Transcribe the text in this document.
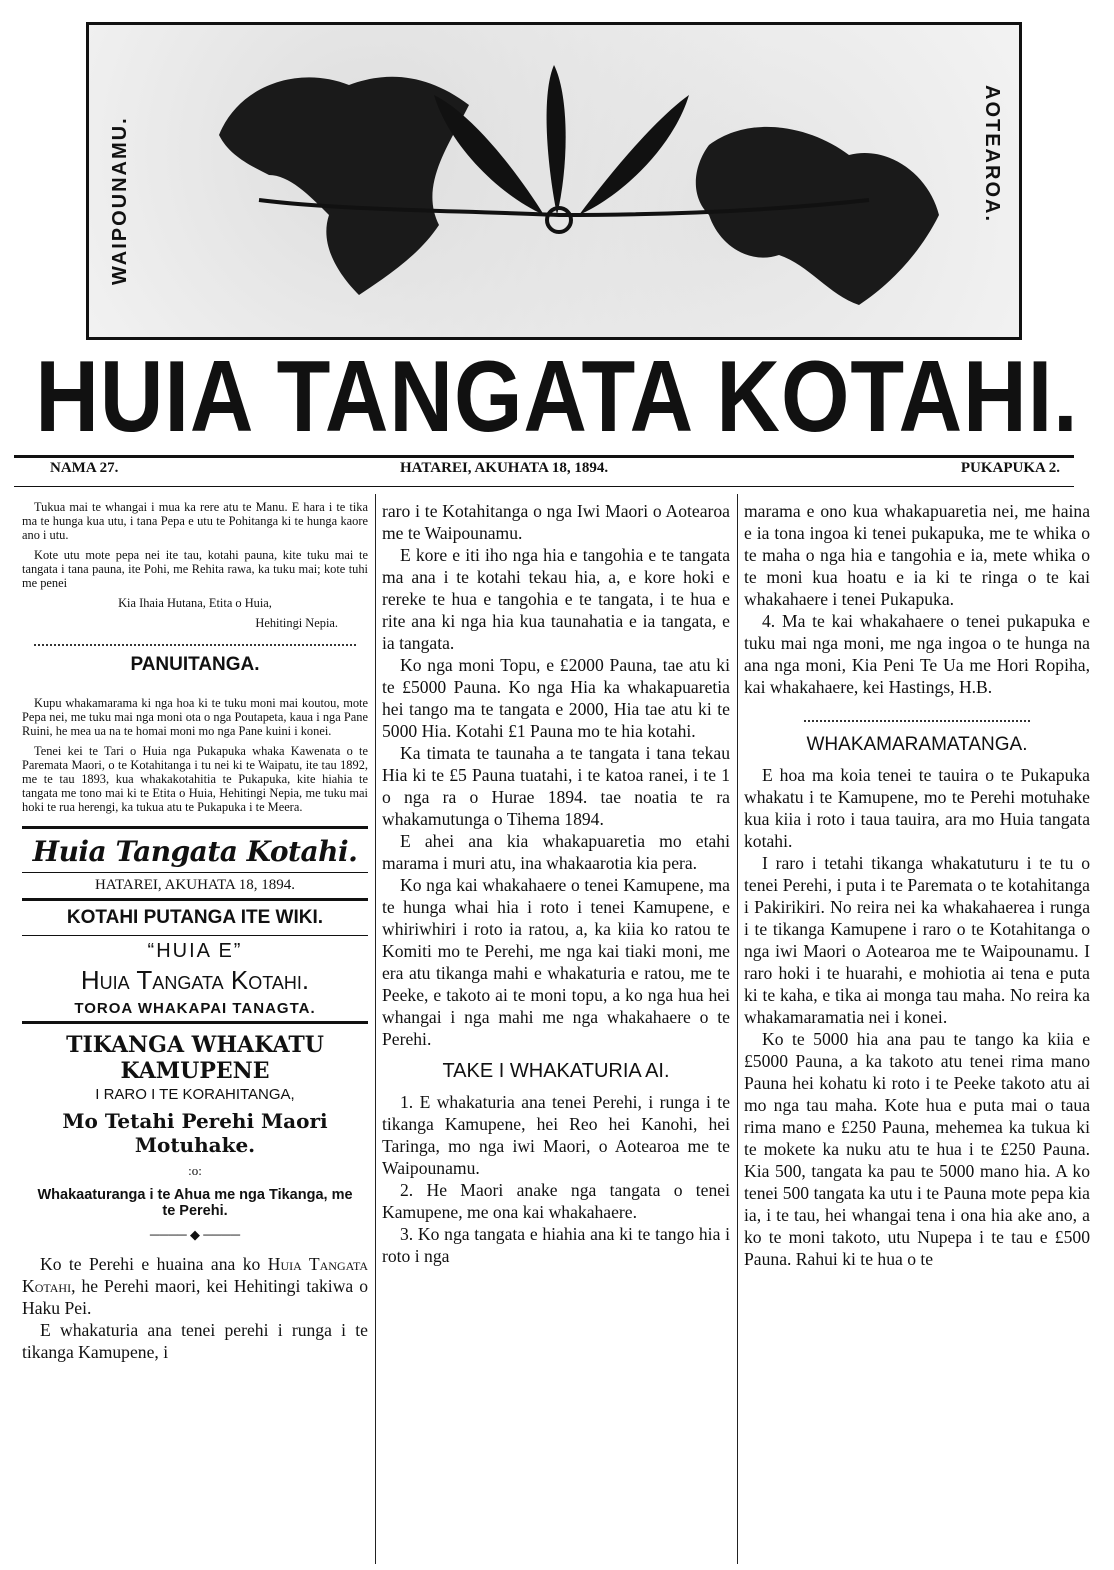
WAIPOUNAMU.	AOTEAROA.
HUIA TANGATA KOTAHI.
NAMA 27.	HATAREI, AKUHATA 18, 1894.	PUKAPUKA 2.

Tukua mai te whangai i mua ka rere atu te Manu. E hara i te tika ma te hunga kua utu, i tana Pepa e utu te Pohitanga ki te hunga kaore ano i utu.

Kote utu mote pepa nei ite tau, kotahi pauna, kite tuku mai te tangata i tana pauna, ite Pohi, me Rehita rawa, ka tuku mai; kote tuhi me penei

Kia Ihaia Hutana, Etita o Huia,

Hehitingi Nepia.

PANUITANGA.

Kupu whakamarama ki nga hoa ki te tuku moni mai koutou, mote Pepa nei, me tuku mai nga moni ota o nga Poutapeta, kaua i nga Pane Ruini, he mea ua na te homai moni mo nga Pane kuini i konei.

Tenei kei te Tari o Huia nga Pukapuka whaka Kawenata o te Paremata Maori, o te Kotahitanga i tu nei ki te Waipatu, ite tau 1892, me te tau 1893, kua whakakotahitia te Pukapuka, kite hiahia te tangata me tono mai ki te Etita o Huia, Hehitingi Nepia, me tuku mai hoki te rua herengi, ka tukua atu te Pukapuka i te Meera.

Huia Tangata Kotahi.
HATAREI, AKUHATA 18, 1894.
KOTAHI PUTANGA ITE WIKI.
“HUIA E”
Huia Tangata Kotahi.
TOROA WHAKAPAI TANAGTA.
TIKANGA WHAKATU KAMUPENE
I RARO I TE KORAHITANGA,
Mo Tetahi Perehi Maori Motuhake.
:o:
Whakaaturanga i te Ahua me nga Tikanga, me te Perehi.
──── ◆ ────

Ko te Perehi e huaina ana ko Huia Tangata Kotahi, he Perehi maori, kei Hehitingi takiwa o Haku Pei.

E whakaturia ana tenei perehi i runga i te tikanga Kamupene, i

raro i te Kotahitanga o nga Iwi Maori o Aotearoa me te Waipounamu.

E kore e iti iho nga hia e tangohia e te tangata ma ana i te kotahi tekau hia, a, e kore hoki e rereke te hua e tangohia e te tangata, i te hua e rite ana ki nga hia kua taunahatia e ia tangata, e ia tangata.

Ko nga moni Topu, e £2000 Pauna, tae atu ki te £5000 Pauna. Ko nga Hia ka whakapuaretia hei tango ma te tangata e 2000, Hia tae atu ki te 5000 Hia. Kotahi £1 Pauna mo te hia kotahi.

Ka timata te taunaha a te tangata i tana tekau Hia ki te £5 Pauna tuatahi, i te katoa ranei, i te 1 o nga ra o Hurae 1894. tae noatia te ra whakamutunga o Tihema 1894.

E ahei ana kia whakapuaretia mo etahi marama i muri atu, ina whakaarotia kia pera.

Ko nga kai whakahaere o tenei Kamupene, ma te hunga whai hia i roto i tenei Kamupene, e whiriwhiri i roto ia ratou, a, ka kiia ko ratou te Komiti mo te Perehi, me nga kai tiaki moni, me era atu tikanga mahi e whakaturia e ratou, me te Peeke, e takoto ai te moni topu, a ko nga hua hei whangai i nga mahi me nga whakahaere o te Perehi.

TAKE I WHAKATURIA AI.

1. E whakaturia ana tenei Perehi, i runga i te tikanga Kamupene, hei Reo hei Kanohi, hei Taringa, mo nga iwi Maori, o Aotearoa me te Waipounamu.

2. He Maori anake nga tangata o tenei Kamupene, me ona kai whakahaere.

3. Ko nga tangata e hiahia ana ki te tango hia i roto i nga

marama e ono kua whakapuaretia nei, me haina e ia tona ingoa ki tenei pukapuka, me te whika o te maha o nga hia e tangohia e ia, mete whika o te moni kua hoatu e ia ki te ringa o te kai whakahaere i tenei Pukapuka.

4. Ma te kai whakahaere o tenei pukapuka e tuku mai nga moni, me nga ingoa o te hunga na ana nga moni, Kia Peni Te Ua me Hori Ropiha, kai whakahaere, kei Hastings, H.B.

WHAKAMARAMATANGA.

E hoa ma koia tenei te tauira o te Pukapuka whakatu i te Kamupene, mo te Perehi motuhake kua kiia i roto i taua tauira, ara mo Huia tangata kotahi.

I raro i tetahi tikanga whakatuturu i te tu o tenei Perehi, i puta i te Paremata o te kotahitanga i Pakirikiri. No reira nei ka whakahaerea i runga i te tikanga Kamupene i raro o te Kotahitanga o nga iwi Maori o Aotearoa me te Waipounamu. I raro hoki i te huarahi, e mohiotia ai tena e puta ki te kaha, e tika ai monga tau maha. No reira ka whakamaramatia nei i konei.

Ko te 5000 hia ana pau te tango ka kiia e £5000 Pauna, a ka takoto atu tenei rima mano Pauna hei kohatu ki roto i te Peeke takoto atu ai mo nga tau maha. Kote hua e puta mai o taua rima mano e £250 Pauna, mehemea ka tukua ki te mokete ka nuku atu te hua i te £250 Pauna. Kia 500, tangata ka pau te 5000 mano hia. A ko tenei 500 tangata ka utu i te Pauna mote pepa kia ia, i te tau, hei whangai tena i ona hia ake ano, a ko te moni takoto, utu Nupepa i te tau e £500 Pauna. Rahui ki te hua o te
